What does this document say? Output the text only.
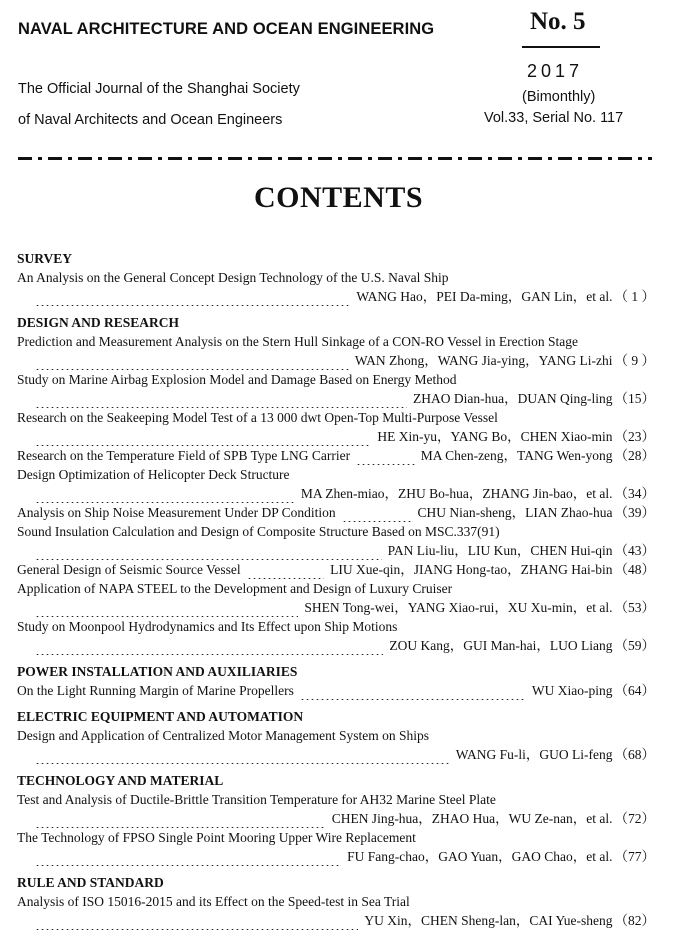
NAVAL ARCHITECTURE AND OCEAN ENGINEERING	No. 5
2017
(Bimonthly)
Vol.33, Serial No. 117
The Official Journal of the Shanghai Society
of Naval Architects and Ocean Engineers
CONTENTS
SURVEY
An Analysis on the General Concept Design Technology of the U.S. Naval Ship
WANG Hao，PEI Da-ming，GAN Lin，et al. （ 1 ）
DESIGN AND RESEARCH
Prediction and Measurement Analysis on the Stern Hull Sinkage of a CON-RO Vessel in Erection Stage
WAN Zhong，WANG Jia-ying，YANG Li-zhi （ 9 ）
Study on Marine Airbag Explosion Model and Damage Based on Energy Method
ZHAO Dian-hua，DUAN Qing-ling （15）
Research on the Seakeeping Model Test of a 13 000 dwt Open-Top Multi-Purpose Vessel
HE Xin-yu，YANG Bo，CHEN Xiao-min （23）
Research on the Temperature Field of SPB Type LNG Carrier	MA Chen-zeng，TANG Wen-yong （28）
Design Optimization of Helicopter Deck Structure
MA Zhen-miao，ZHU Bo-hua，ZHANG Jin-bao，et al. （34）
Analysis on Ship Noise Measurement Under DP Condition	CHU Nian-sheng，LIAN Zhao-hua （39）
Sound Insulation Calculation and Design of Composite Structure Based on MSC.337(91)
PAN Liu-liu，LIU Kun，CHEN Hui-qin （43）
General Design of Seismic Source Vessel	LIU Xue-qin，JIANG Hong-tao，ZHANG Hai-bin （48）
Application of NAPA STEEL to the Development and Design of Luxury Cruiser
SHEN Tong-wei，YANG Xiao-rui，XU Xu-min，et al. （53）
Study on Moonpool Hydrodynamics and Its Effect upon Ship Motions
ZOU Kang，GUI Man-hai，LUO Liang （59）
POWER INSTALLATION AND AUXILIARIES
On the Light Running Margin of Marine Propellers	WU Xiao-ping （64）
ELECTRIC EQUIPMENT AND AUTOMATION
Design and Application of Centralized Motor Management System on Ships
WANG Fu-li，GUO Li-feng （68）
TECHNOLOGY AND MATERIAL
Test and Analysis of Ductile-Brittle Transition Temperature for AH32 Marine Steel Plate
CHEN Jing-hua，ZHAO Hua，WU Ze-nan，et al. （72）
The Technology of FPSO Single Point Mooring Upper Wire Replacement
FU Fang-chao，GAO Yuan，GAO Chao，et al. （77）
RULE AND STANDARD
Analysis of ISO 15016-2015 and its Effect on the Speed-test in Sea Trial
YU Xin，CHEN Sheng-lan，CAI Yue-sheng （82）
